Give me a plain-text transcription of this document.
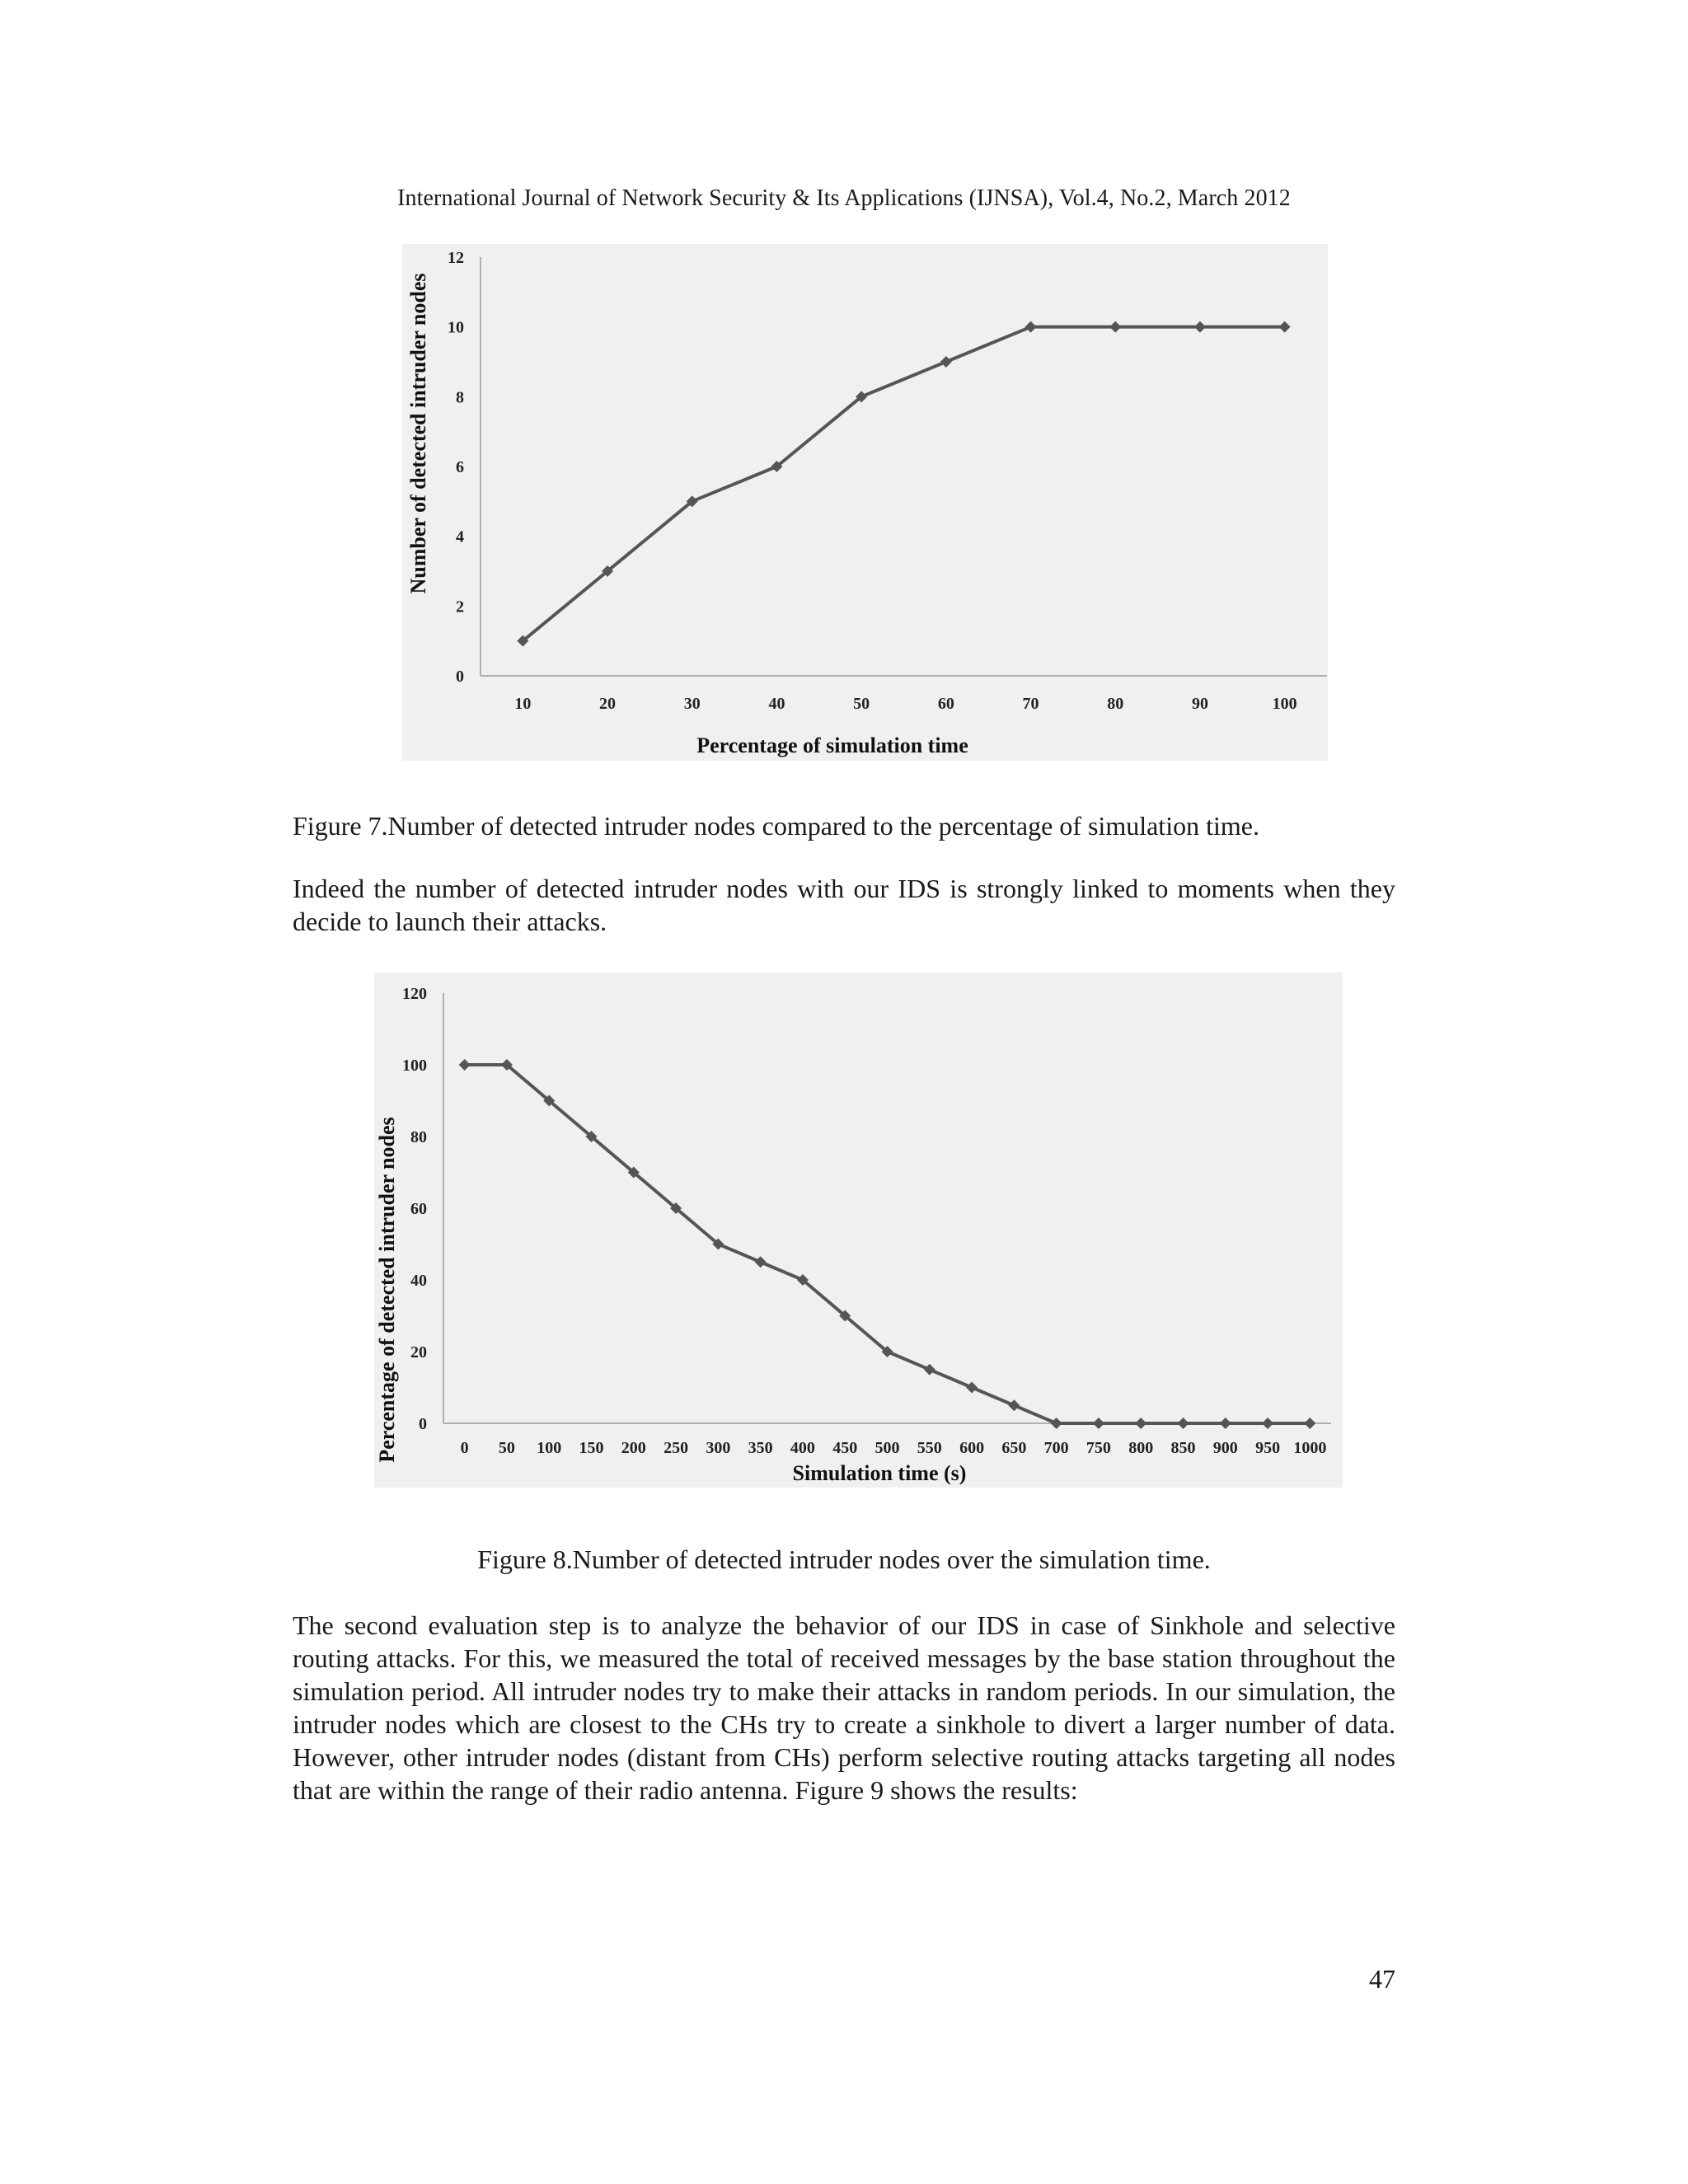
International Journal of Network Security & Its Applications (IJNSA), Vol.4, No.2, March 2012
0
2
4
6
8
10
12
10	20	30	40	50	60	70	80	90	100
Percentage of simulation time
Number of detected intruder nodes
Figure 7.Number of detected intruder nodes compared to the percentage of simulation time.
Indeed the number of detected intruder nodes with our IDS is strongly linked to moments when they decide to launch their attacks.
0
20
40
60
80
100
120
0 50 100 150 200 250 300 350 400 450 500 550 600 650 700 750 800 850 900 950 1000
Simulation time (s)
Percentage of detected intruder nodes
Figure 8.Number of detected intruder nodes over the simulation time.
The second evaluation step is to analyze the behavior of our IDS in case of Sinkhole and selective routing attacks. For this, we measured the total of received messages by the base station throughout the simulation period. All intruder nodes try to make their attacks in random periods. In our simulation, the intruder nodes which are closest to the CHs try to create a sinkhole to divert a larger number of data. However, other intruder nodes (distant from CHs) perform selective routing attacks targeting all nodes that are within the range of their radio antenna. Figure 9 shows the results:
47
